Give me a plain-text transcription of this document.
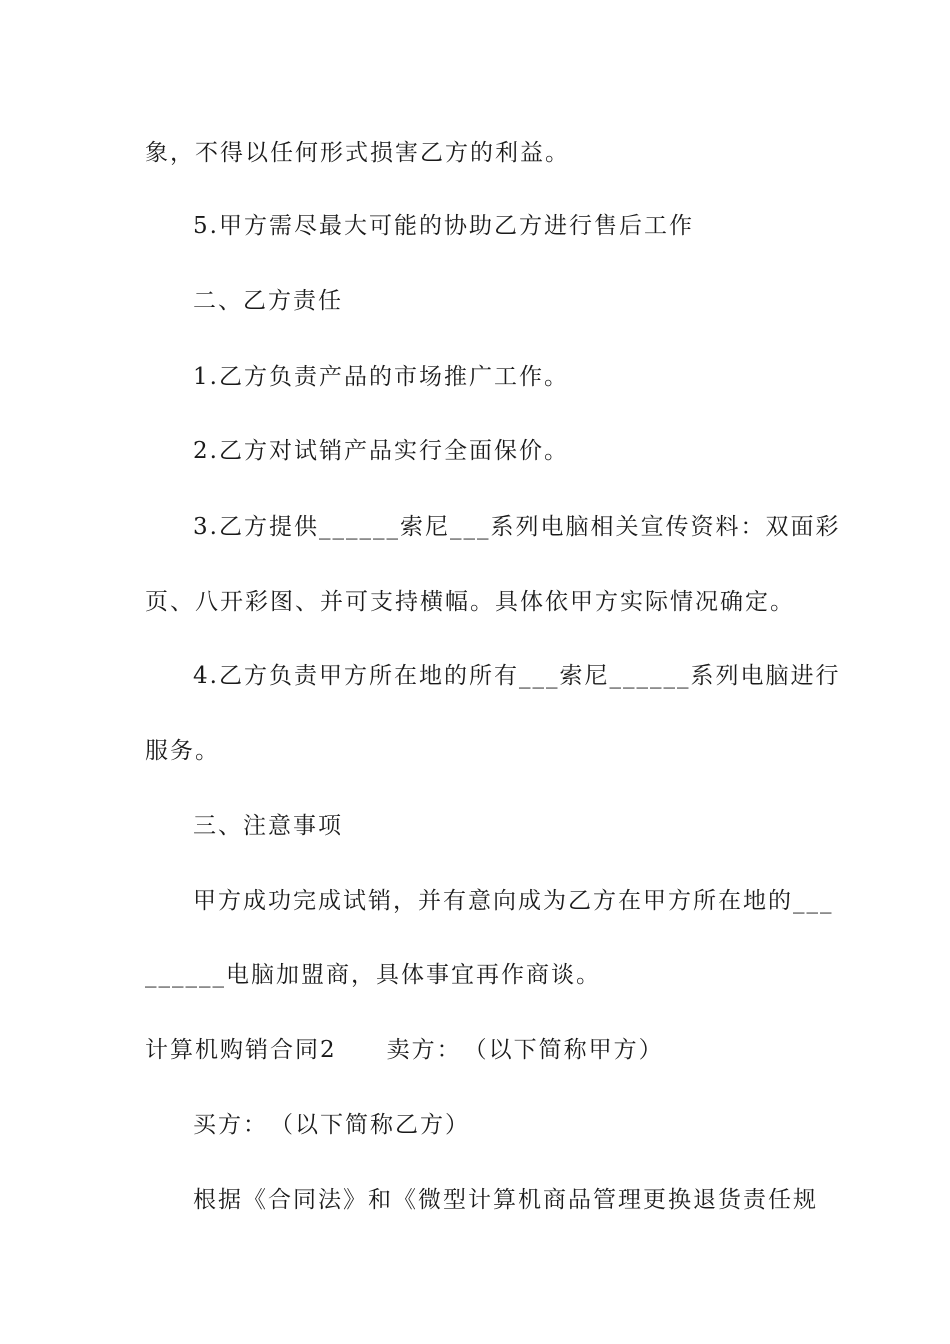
象，不得以任何形式损害乙方的利益。
5.甲方需尽最大可能的协助乙方进行售后工作
二、乙方责任
1.乙方负责产品的市场推广工作。
2.乙方对试销产品实行全面保价。
3.乙方提供______索尼___系列电脑相关宣传资料：双面彩
页、八开彩图、并可支持横幅。具体依甲方实际情况确定。
4.乙方负责甲方所在地的所有___索尼______系列电脑进行
服务。
三、注意事项
甲方成功完成试销，并有意向成为乙方在甲方所在地的___
______电脑加盟商，具体事宜再作商谈。
计算机购销合同2　　卖方：　（以下简称甲方）
买方：　（以下简称乙方）
根据《合同法》和《微型计算机商品管理更换退货责任规
